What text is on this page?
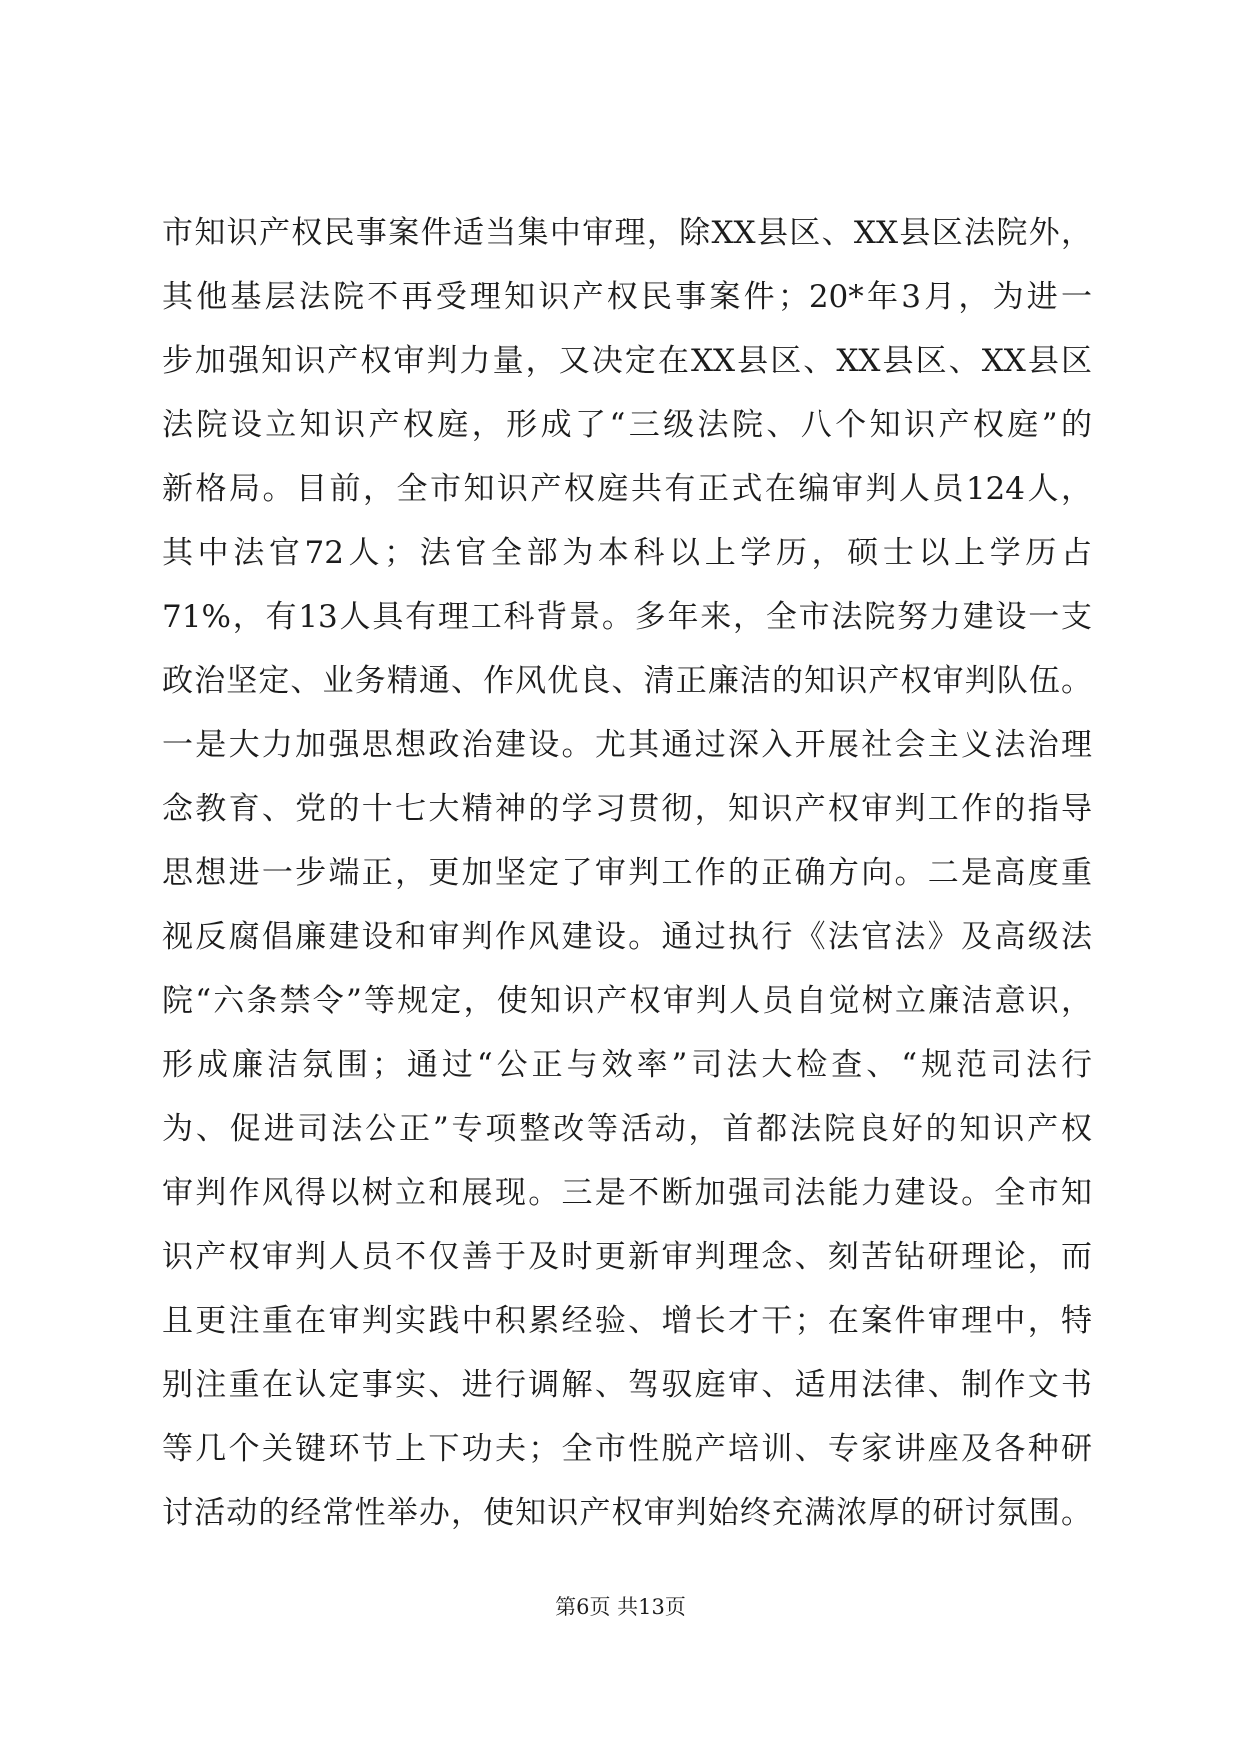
市知识产权民事案件适当集中审理，除XX县区、XX县区法院外，
其他基层法院不再受理知识产权民事案件；20*年3月，为进一
步加强知识产权审判力量，又决定在XX县区、XX县区、XX县区
法院设立知识产权庭，形成了“三级法院、八个知识产权庭”的
新格局。目前，全市知识产权庭共有正式在编审判人员124人，
其中法官72人；法官全部为本科以上学历，硕士以上学历占
71%，有13人具有理工科背景。多年来，全市法院努力建设一支
政治坚定、业务精通、作风优良、清正廉洁的知识产权审判队伍。
一是大力加强思想政治建设。尤其通过深入开展社会主义法治理
念教育、党的十七大精神的学习贯彻，知识产权审判工作的指导
思想进一步端正，更加坚定了审判工作的正确方向。二是高度重
视反腐倡廉建设和审判作风建设。通过执行《法官法》及高级法
院“六条禁令”等规定，使知识产权审判人员自觉树立廉洁意识，
形成廉洁氛围；通过“公正与效率”司法大检查、“规范司法行
为、促进司法公正”专项整改等活动，首都法院良好的知识产权
审判作风得以树立和展现。三是不断加强司法能力建设。全市知
识产权审判人员不仅善于及时更新审判理念、刻苦钻研理论，而
且更注重在审判实践中积累经验、增长才干；在案件审理中，特
别注重在认定事实、进行调解、驾驭庭审、适用法律、制作文书
等几个关键环节上下功夫；全市性脱产培训、专家讲座及各种研
讨活动的经常性举办，使知识产权审判始终充满浓厚的研讨氛围。
第6页 共13页
